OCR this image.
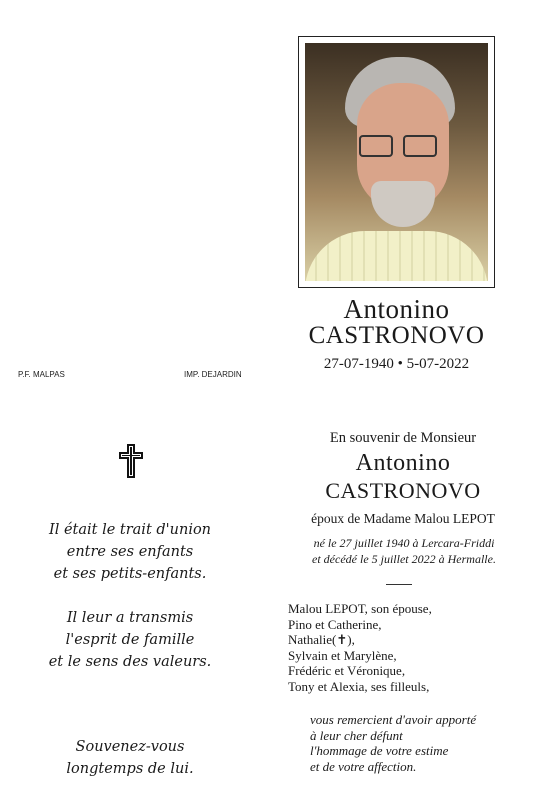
Antonino
CASTRONOVO
27-07-1940 • 5-07-2022
P.F. MALPAS	IMP. DEJARDIN
Il était le trait d'union
entre ses enfants
et ses petits-enfants.
Il leur a transmis
l'esprit de famille
et le sens des valeurs.
Souvenez-vous
longtemps de lui.
En souvenir de Monsieur
Antonino
CASTRONOVO
époux de Madame Malou LEPOT
né le 27 juillet 1940 à Lercara-Friddi
et décédé le 5 juillet 2022 à Hermalle.
Malou LEPOT, son épouse,
Pino et Catherine,
Nathalie(✝),
Sylvain et Marylène,
Frédéric et Véronique,
Tony et Alexia, ses filleuls,
vous remercient d'avoir apporté
à leur cher défunt
l'hommage de votre estime
et de votre affection.
